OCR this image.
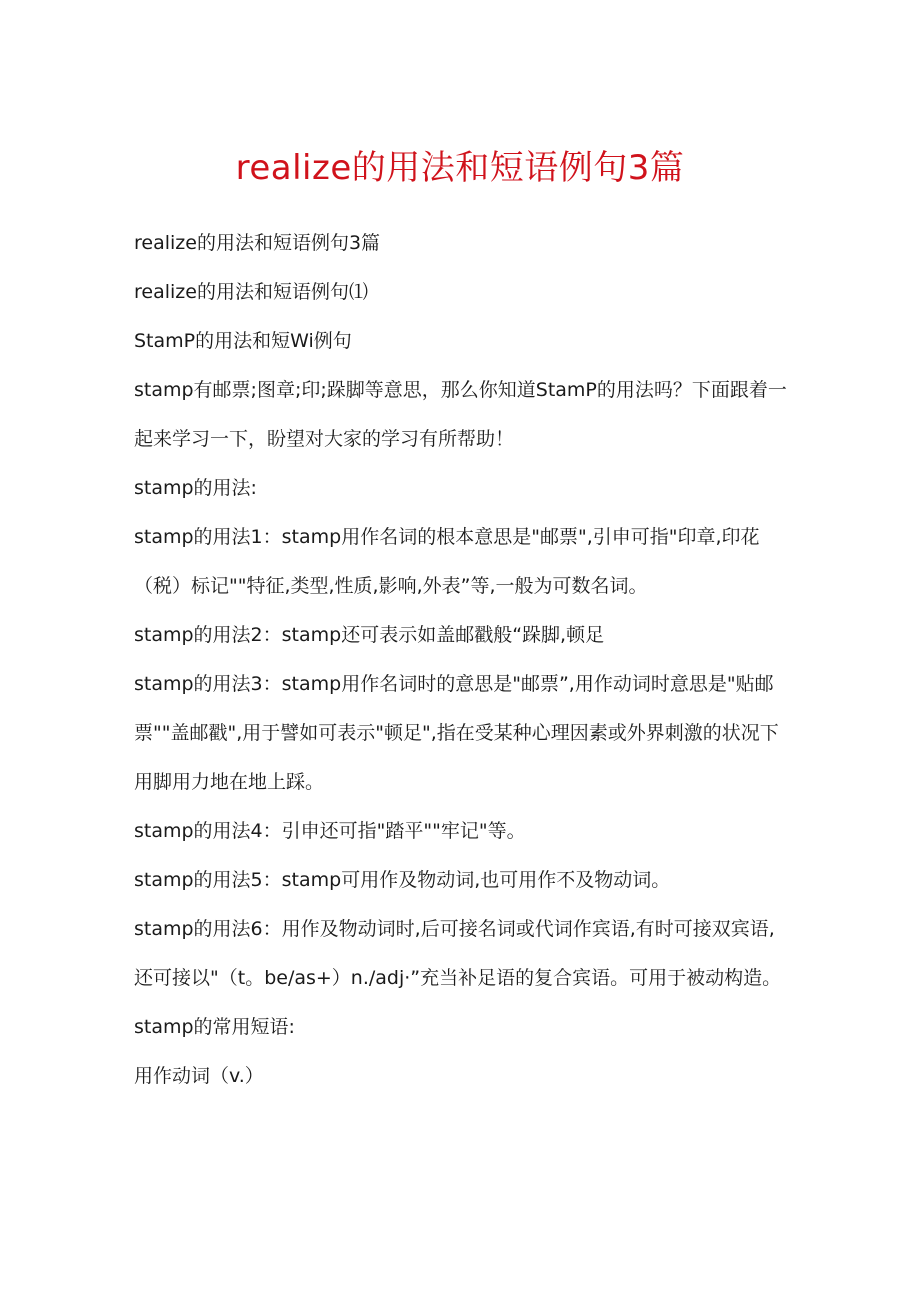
realize的用法和短语例句3篇

realize的用法和短语例句3篇

realize的用法和短语例句⑴

StamP的用法和短Wi例句

stamp有邮票;图章;印;跺脚等意思，那么你知道StamP的用法吗？下面跟着一起来学习一下，盼望对大家的学习有所帮助！

stamp的用法:

stamp的用法1：stamp用作名词的根本意思是"邮票",引申可指"印章,印花（税）标记""特征,类型,性质,影响,外表”等,一般为可数名词。

stamp的用法2：stamp还可表示如盖邮戳般“跺脚,顿足

stamp的用法3：stamp用作名词时的意思是"邮票”,用作动词时意思是"贴邮票""盖邮戳",用于譬如可表示"顿足",指在受某种心理因素或外界刺激的状况下用脚用力地在地上踩。

stamp的用法4：引申还可指"踏平""牢记"等。

stamp的用法5：stamp可用作及物动词,也可用作不及物动词。

stamp的用法6：用作及物动词时,后可接名词或代词作宾语,有时可接双宾语,还可接以"（t。be/as+）n./adj·”充当补足语的复合宾语。可用于被动构造。

stamp的常用短语:

用作动词（v.）
